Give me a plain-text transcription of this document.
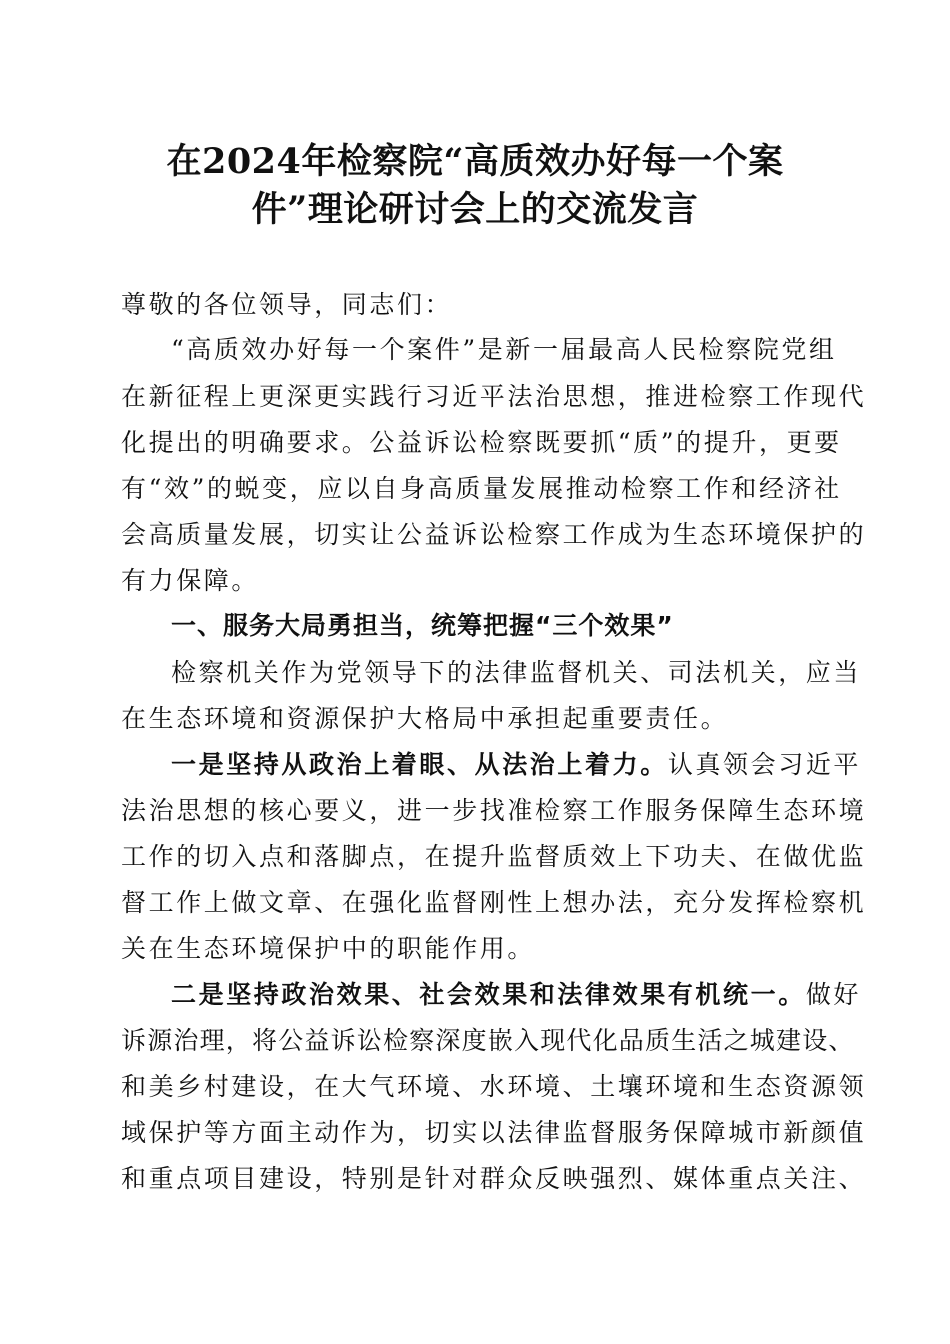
在2024年检察院“高质效办好每一个案
件”理论研讨会上的交流发言

尊敬的各位领导，同志们：

“高质效办好每一个案件”是新一届最高人民检察院党组

在新征程上更深更实践行习近平法治思想，推进检察工作现代

化提出的明确要求。公益诉讼检察既要抓“质”的提升，更要

有“效”的蜕变，应以自身高质量发展推动检察工作和经济社

会高质量发展，切实让公益诉讼检察工作成为生态环境保护的

有力保障。

一、服务大局勇担当，统筹把握“三个效果”

检察机关作为党领导下的法律监督机关、司法机关，应当

在生态环境和资源保护大格局中承担起重要责任。

一是坚持从政治上着眼、从法治上着力。认真领会习近平

法治思想的核心要义，进一步找准检察工作服务保障生态环境

工作的切入点和落脚点，在提升监督质效上下功夫、在做优监

督工作上做文章、在强化监督刚性上想办法，充分发挥检察机

关在生态环境保护中的职能作用。

二是坚持政治效果、社会效果和法律效果有机统一。做好

诉源治理，将公益诉讼检察深度嵌入现代化品质生活之城建设、

和美乡村建设，在大气环境、水环境、土壤环境和生态资源领

域保护等方面主动作为，切实以法律监督服务保障城市新颜值

和重点项目建设，特别是针对群众反映强烈、媒体重点关注、
